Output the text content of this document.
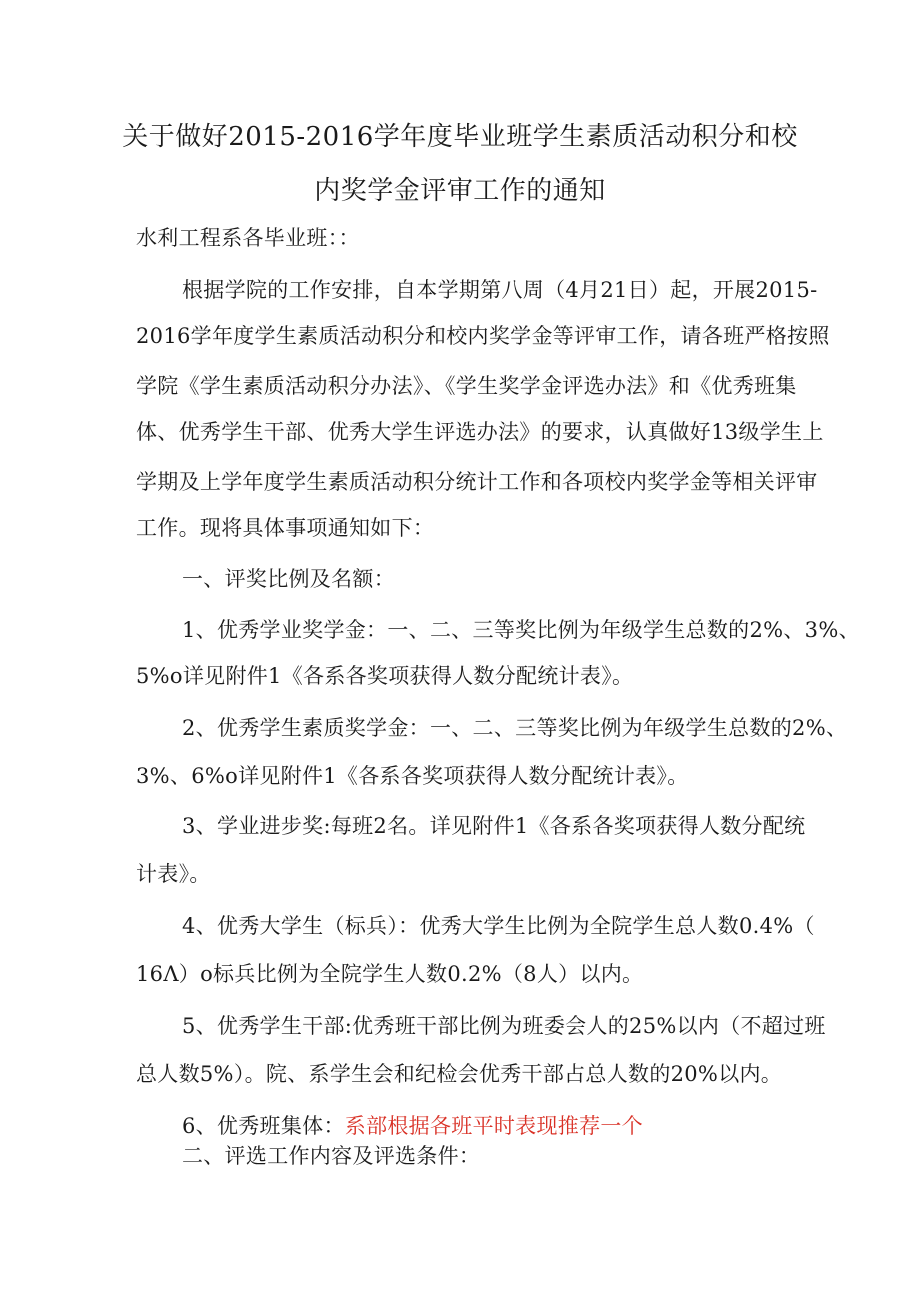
关于做好2015-2016学年度毕业班学生素质活动积分和校
内奖学金评审工作的通知
水利工程系各毕业班：：
根据学院的工作安排，自本学期第八周（4月21日）起，开展2015-
2016学年度学生素质活动积分和校内奖学金等评审工作，请各班严格按照
学院《学生素质活动积分办法》、《学生奖学金评选办法》和《优秀班集
体、优秀学生干部、优秀大学生评选办法》的要求，认真做好13级学生上
学期及上学年度学生素质活动积分统计工作和各项校内奖学金等相关评审
工作。现将具体事项通知如下：
一、评奖比例及名额：
1、优秀学业奖学金：一、二、三等奖比例为年级学生总数的2%、3%、
5%o详见附件1《各系各奖项获得人数分配统计表》。
2、优秀学生素质奖学金：一、二、三等奖比例为年级学生总数的2%、
3%、6%o详见附件1《各系各奖项获得人数分配统计表》。
3、学业进步奖:每班2名。详见附件1《各系各奖项获得人数分配统
计表》。
4、优秀大学生（标兵）：优秀大学生比例为全院学生总人数0.4%（
16Λ）o标兵比例为全院学生人数0.2%（8人）以内。
5、优秀学生干部:优秀班干部比例为班委会人的25%以内（不超过班
总人数5%）。院、系学生会和纪检会优秀干部占总人数的20%以内。
6、优秀班集体：系部根据各班平时表现推荐一个
二、评选工作内容及评选条件：
